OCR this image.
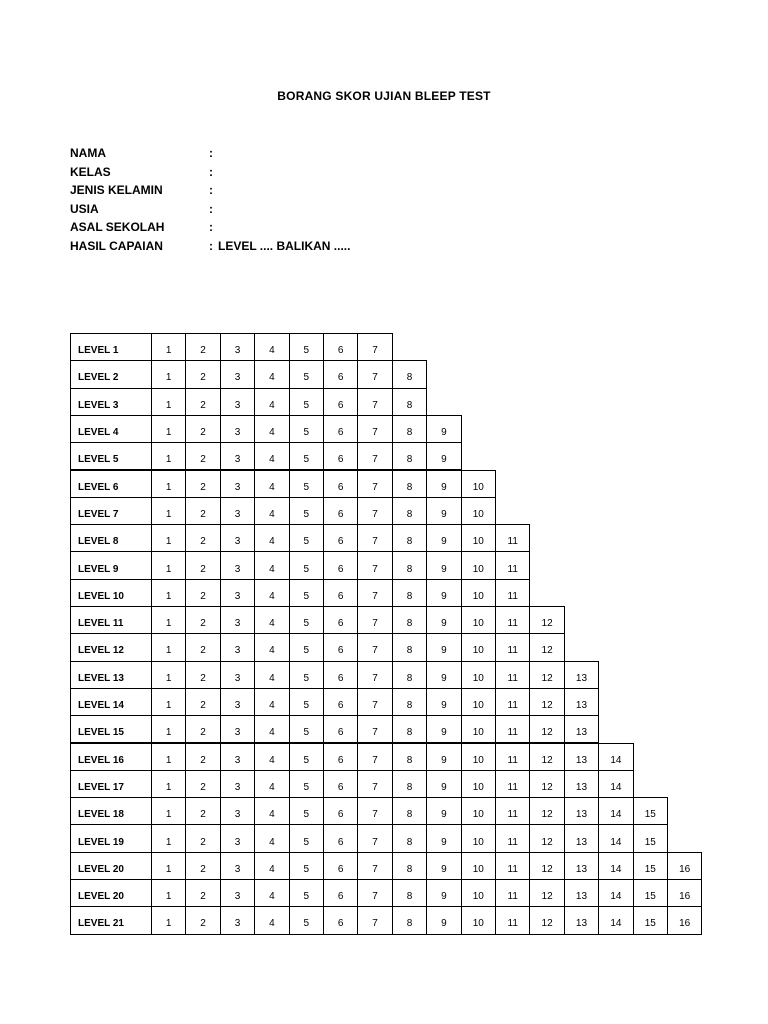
BORANG SKOR UJIAN BLEEP TEST
NAMA	:
KELAS	:
JENIS KELAMIN	:
USIA	:
ASAL SEKOLAH	:
HASIL CAPAIAN	: LEVEL .... BALIKAN .....
LEVEL 1	1	2	3	4	5	6	7
LEVEL 2	1	2	3	4	5	6	7	8
LEVEL 3	1	2	3	4	5	6	7	8
LEVEL 4	1	2	3	4	5	6	7	8	9
LEVEL 5	1	2	3	4	5	6	7	8	9
LEVEL 6	1	2	3	4	5	6	7	8	9	10
LEVEL 7	1	2	3	4	5	6	7	8	9	10
LEVEL 8	1	2	3	4	5	6	7	8	9	10	11
LEVEL 9	1	2	3	4	5	6	7	8	9	10	11
LEVEL 10	1	2	3	4	5	6	7	8	9	10	11
LEVEL 11	1	2	3	4	5	6	7	8	9	10	11	12
LEVEL 12	1	2	3	4	5	6	7	8	9	10	11	12
LEVEL 13	1	2	3	4	5	6	7	8	9	10	11	12	13
LEVEL 14	1	2	3	4	5	6	7	8	9	10	11	12	13
LEVEL 15	1	2	3	4	5	6	7	8	9	10	11	12	13
LEVEL 16	1	2	3	4	5	6	7	8	9	10	11	12	13	14
LEVEL 17	1	2	3	4	5	6	7	8	9	10	11	12	13	14
LEVEL 18	1	2	3	4	5	6	7	8	9	10	11	12	13	14	15
LEVEL 19	1	2	3	4	5	6	7	8	9	10	11	12	13	14	15
LEVEL 20	1	2	3	4	5	6	7	8	9	10	11	12	13	14	15	16
LEVEL 20	1	2	3	4	5	6	7	8	9	10	11	12	13	14	15	16
LEVEL 21	1	2	3	4	5	6	7	8	9	10	11	12	13	14	15	16
